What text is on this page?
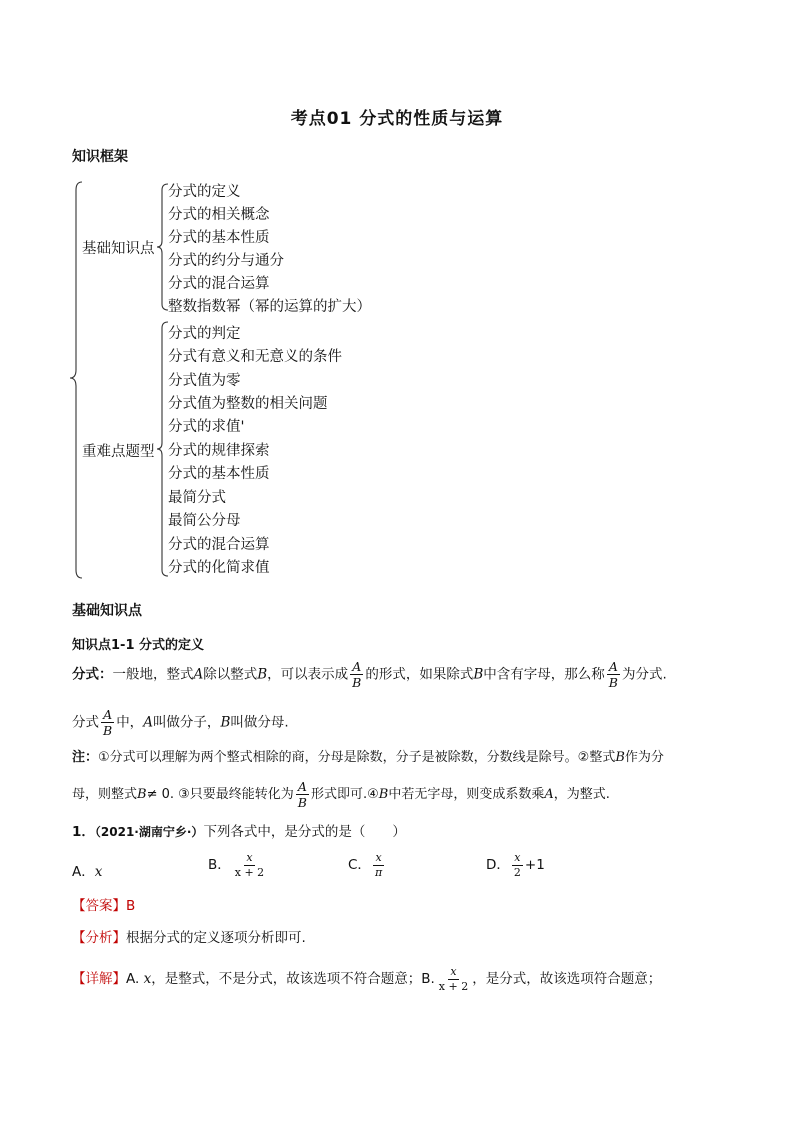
考点01 分式的性质与运算
知识框架
基础知识点
重难点题型
分式的定义
分式的相关概念
分式的基本性质
分式的约分与通分
分式的混合运算
整数指数幂（幂的运算的扩大）
分式的判定
分式有意义和无意义的条件
分式值为零
分式值为整数的相关问题
分式的求值'
分式的规律探索
分式的基本性质
最简分式
最简公分母
分式的混合运算
分式的化简求值
基础知识点
知识点1-1 分式的定义
分式：一般地，整式A除以整式B，可以表示成 $\frac{A}{B}$ 的形式，如果除式B中含有字母，那么称 $\frac{A}{B}$ 为分式.
分式 $\frac{A}{B}$ 中，A叫做分子，B叫做分母.
注：①分式可以理解为两个整式相除的商，分母是除数，分子是被除数，分数线是除号。②整式B作为分
母，则整式B≠ 0. ③只要最终能转化为 $\frac{A}{B}$ 形式即可.④B中若无字母，则变成系数乘A，为整式.
1．（2021·湖南宁乡·）下列各式中，是分式的是（　　）
A．x	B． $\frac{x}{x + 2}$	C． $\frac{x}{\pi}$	D． $\frac{x}{2} +1$
【答案】B
【分析】根据分式的定义逐项分析即可.
【详解】A. x，是整式，不是分式，故该选项不符合题意；B. $\frac{x}{x + 2}$ ，是分式，故该选项符合题意；
